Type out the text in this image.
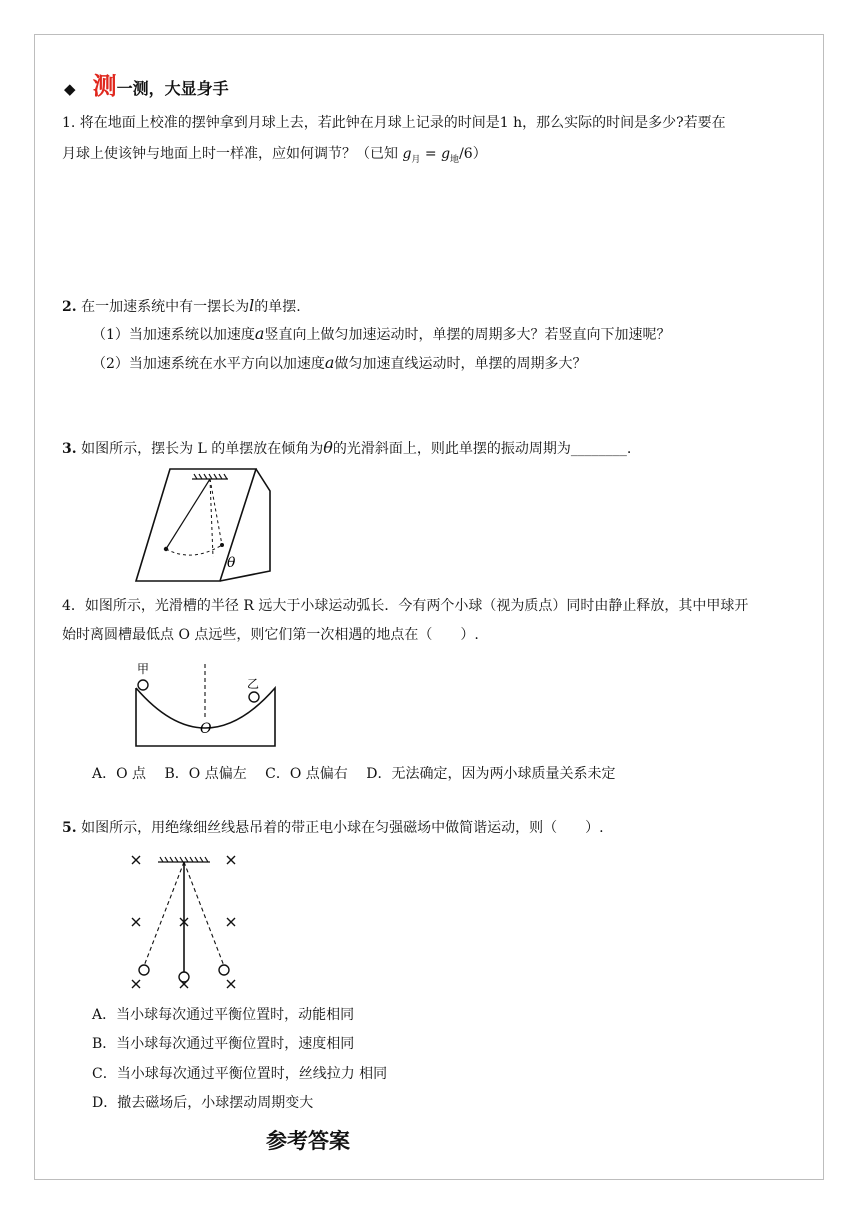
◆ 测一测，大显身手
1. 将在地面上校准的摆钟拿到月球上去，若此钟在月球上记录的时间是1 h，那么实际的时间是多少?若要在
月球上使该钟与地面上时一样准，应如何调节？（已知 $g_月 = g_地/6$）
2. 在一加速系统中有一摆长为l的单摆.
（1）当加速系统以加速度a竖直向上做匀加速运动时，单摆的周期多大？若竖直向下加速呢？
（2）当加速系统在水平方向以加速度a做匀加速直线运动时，单摆的周期多大？
3. 如图所示，摆长为 L 的单摆放在倾角为θ的光滑斜面上，则此单摆的振动周期为________.
θ
4．如图所示，光滑槽的半径 R 远大于小球运动弧长．今有两个小球（视为质点）同时由静止释放，其中甲球开
始时离圆槽最低点 O 点远些，则它们第一次相遇的地点在（　　）.
甲
乙
O
A．O 点 B．O 点偏左 C．O 点偏右 D．无法确定，因为两小球质量关系未定
5. 如图所示，用绝缘细丝线悬吊着的带正电小球在匀强磁场中做简谐运动，则（　　）.
A．当小球每次通过平衡位置时，动能相同
B．当小球每次通过平衡位置时，速度相同
C．当小球每次通过平衡位置时，丝线拉力 相同
D．撤去磁场后，小球摆动周期变大
参考答案
